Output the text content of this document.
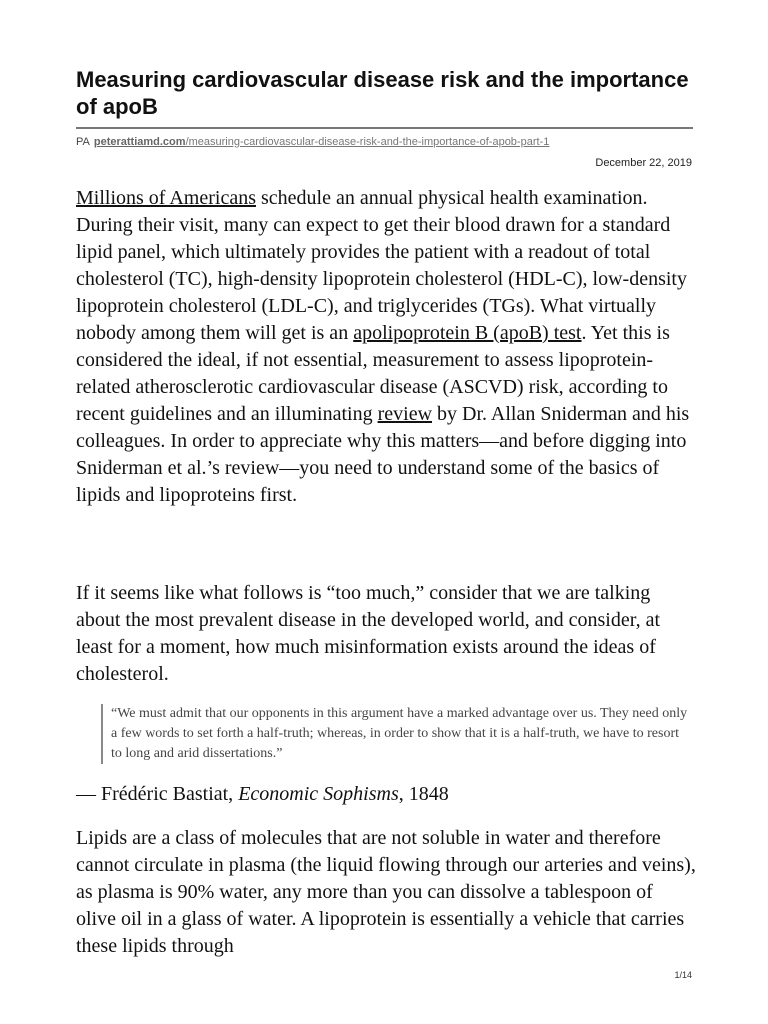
Measuring cardiovascular disease risk and the importance of apoB
PA peterattiamd.com/measuring-cardiovascular-disease-risk-and-the-importance-of-apob-part-1
December 22, 2019

Millions of Americans schedule an annual physical health examination. During their visit, many can expect to get their blood drawn for a standard lipid panel, which ultimately provides the patient with a readout of total cholesterol (TC), high-density lipoprotein cholesterol (HDL-C), low-density lipoprotein cholesterol (LDL-C), and triglycerides (TGs). What virtually nobody among them will get is an apolipoprotein B (apoB) test. Yet this is considered the ideal, if not essential, measurement to assess lipoprotein-related atherosclerotic cardiovascular disease (ASCVD) risk, according to recent guidelines and an illuminating review by Dr. Allan Sniderman and his colleagues. In order to appreciate why this matters—and before digging into Sniderman et al.’s review—you need to understand some of the basics of lipids and lipoproteins first.

If it seems like what follows is “too much,” consider that we are talking about the most prevalent disease in the developed world, and consider, at least for a moment, how much misinformation exists around the ideas of cholesterol.

“We must admit that our opponents in this argument have a marked advantage over us. They need only a few words to set forth a half-truth; whereas, in order to show that it is a half-truth, we have to resort to long and arid dissertations.”
— Frédéric Bastiat, Economic Sophisms, 1848

Lipids are a class of molecules that are not soluble in water and therefore cannot circulate in plasma (the liquid flowing through our arteries and veins), as plasma is 90% water, any more than you can dissolve a tablespoon of olive oil in a glass of water. A lipoprotein is essentially a vehicle that carries these lipids through

1/14
